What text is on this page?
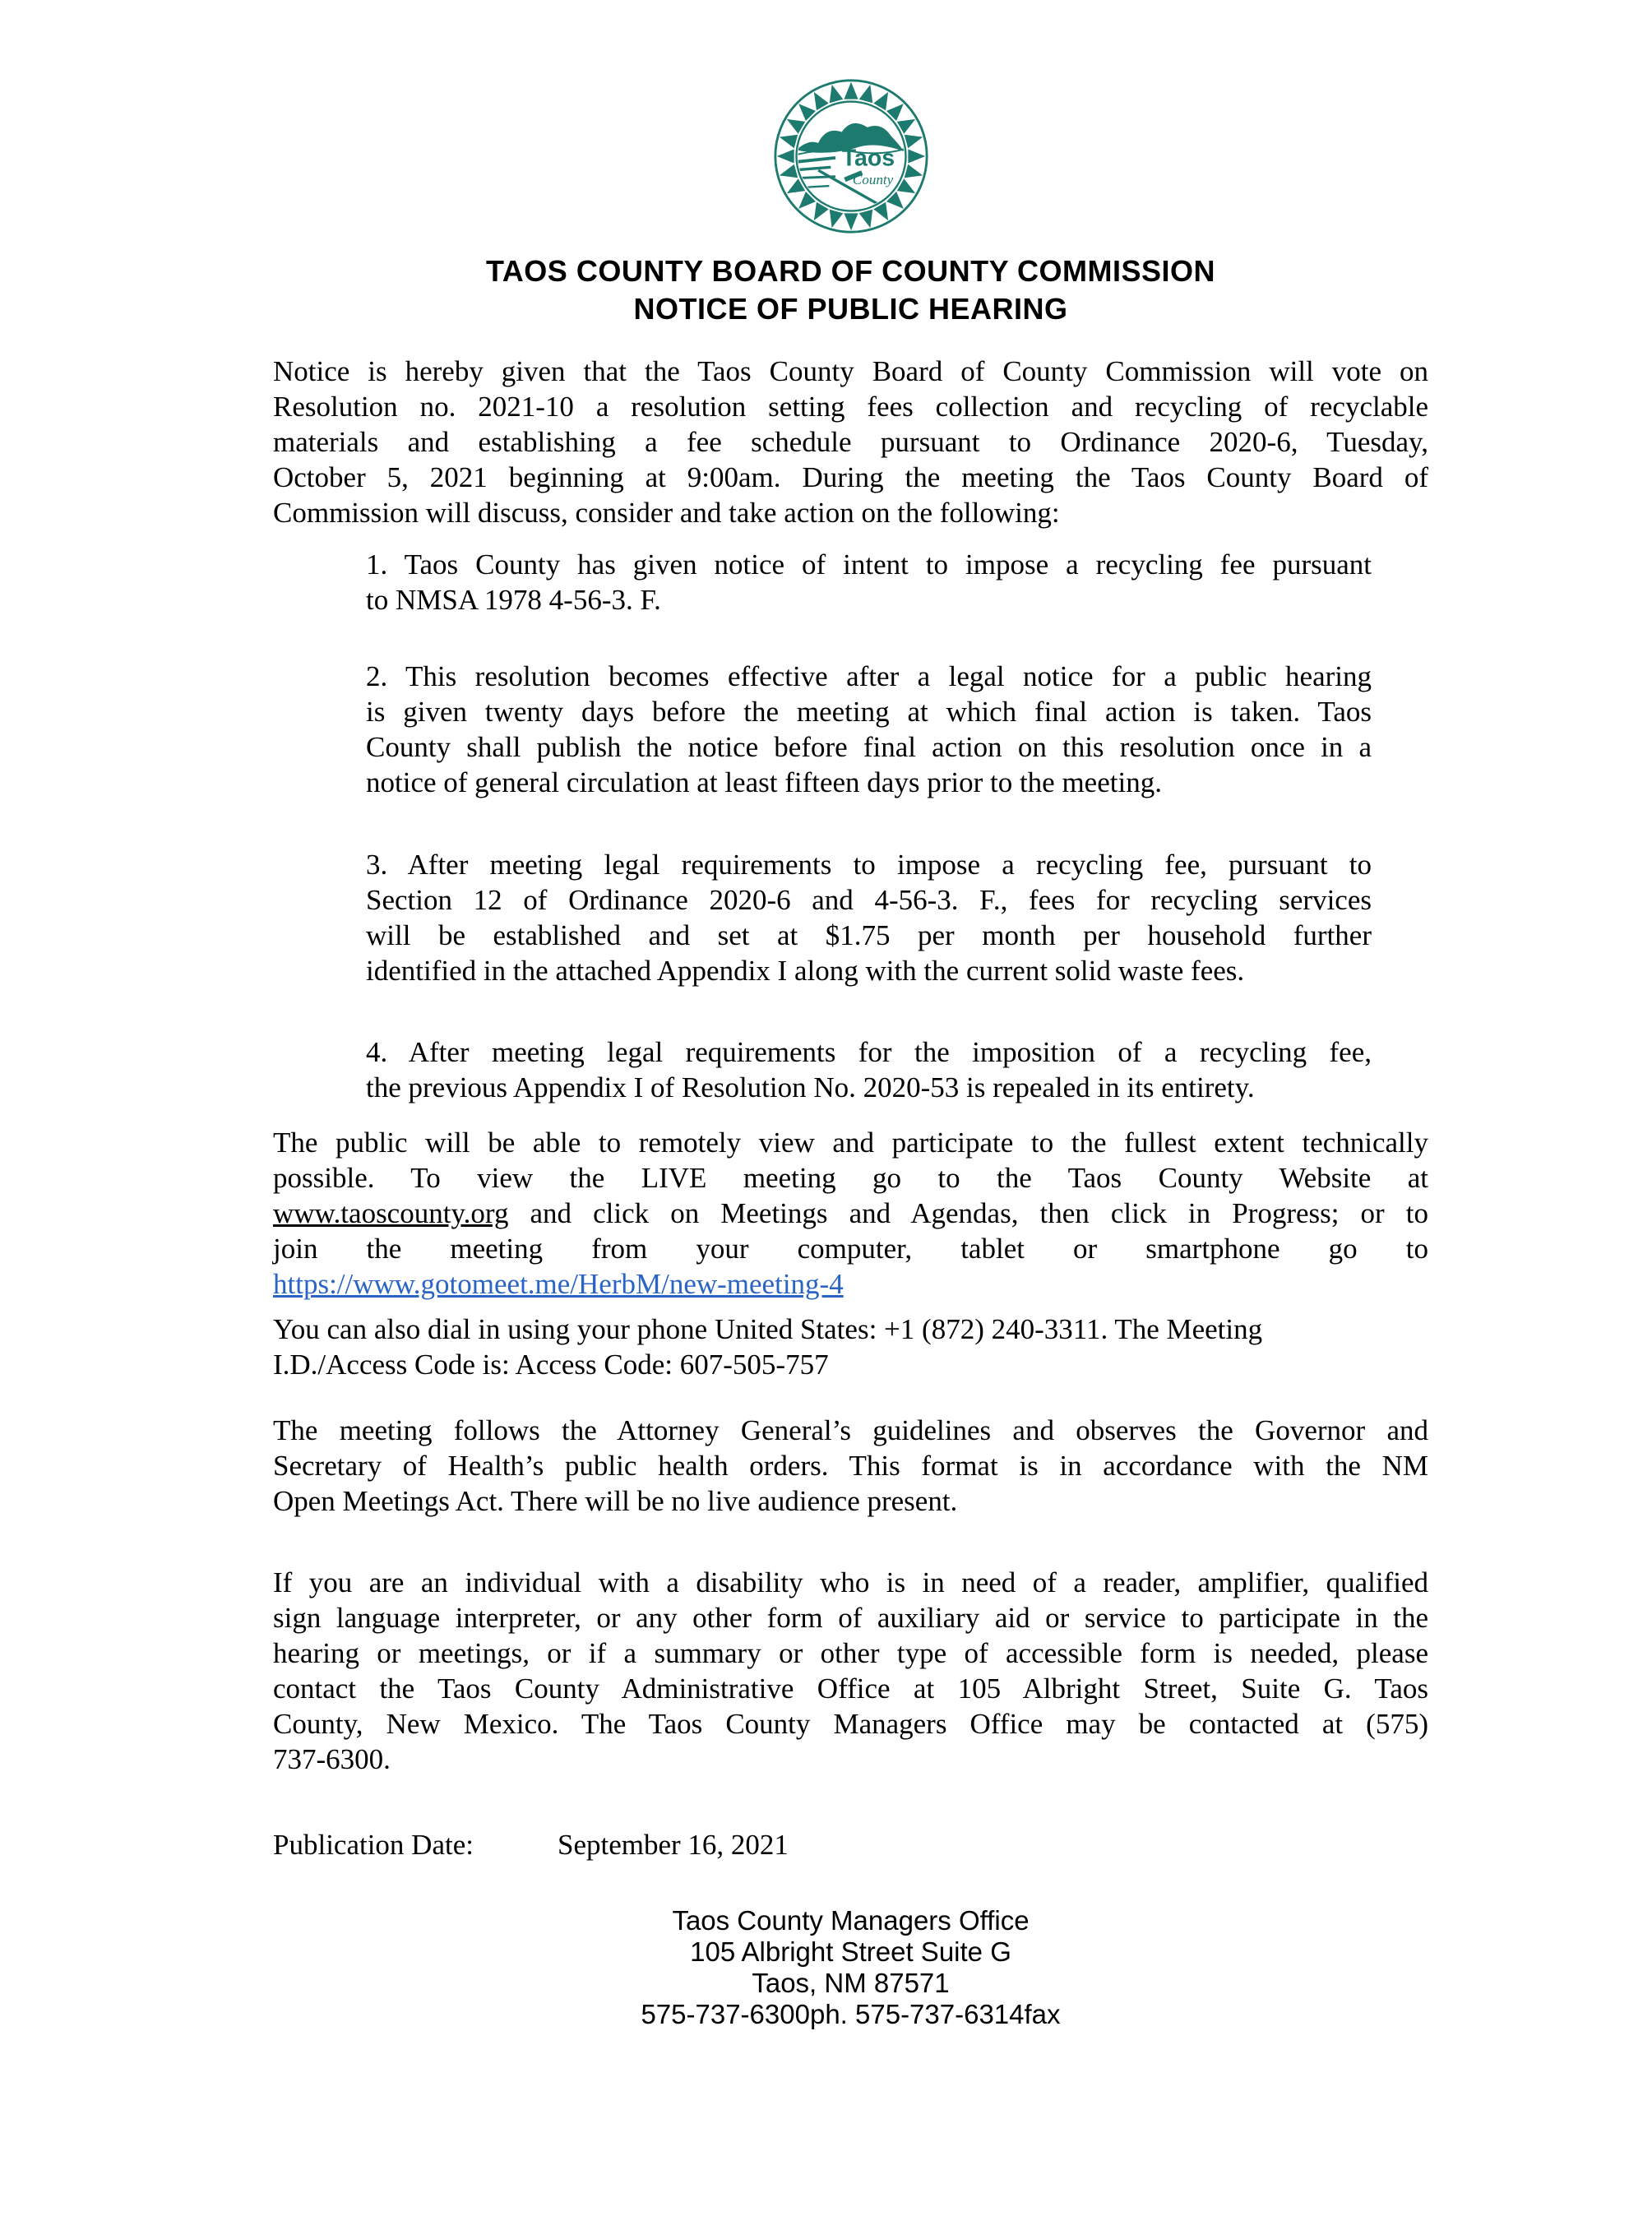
Taos
County
TAOS COUNTY BOARD OF COUNTY COMMISSION
NOTICE OF PUBLIC HEARING
Notice is hereby given that the Taos County Board of County Commission will vote on
Resolution no. 2021-10 a resolution setting fees collection and recycling of recyclable
materials and establishing a fee schedule pursuant to Ordinance 2020-6, Tuesday,
October 5, 2021 beginning at 9:00am. During the meeting the Taos County Board of
Commission will discuss, consider and take action on the following:
1. Taos County has given notice of intent to impose a recycling fee pursuant
to NMSA 1978 4-56-3. F.
2. This resolution becomes effective after a legal notice for a public hearing
is given twenty days before the meeting at which final action is taken. Taos
County shall publish the notice before final action on this resolution once in a
notice of general circulation at least fifteen days prior to the meeting.
3. After meeting legal requirements to impose a recycling fee, pursuant to
Section 12 of Ordinance 2020-6 and 4-56-3. F., fees for recycling services
will be established and set at $1.75 per month per household further
identified in the attached Appendix I along with the current solid waste fees.
4. After meeting legal requirements for the imposition of a recycling fee,
the previous Appendix I of Resolution No. 2020-53 is repealed in its entirety.
The public will be able to remotely view and participate to the fullest extent technically
possible. To view the LIVE meeting go to the Taos County Website at
www.taoscounty.org and click on Meetings and Agendas, then click in Progress; or to
join the meeting from your computer, tablet or smartphone go to
https://www.gotomeet.me/HerbM/new-meeting-4
You can also dial in using your phone United States: +1 (872) 240-3311. The Meeting
I.D./Access Code is: Access Code: 607-505-757
The meeting follows the Attorney General’s guidelines and observes the Governor and
Secretary of Health’s public health orders. This format is in accordance with the NM
Open Meetings Act. There will be no live audience present.
If you are an individual with a disability who is in need of a reader, amplifier, qualified
sign language interpreter, or any other form of auxiliary aid or service to participate in the
hearing or meetings, or if a summary or other type of accessible form is needed, please
contact the Taos County Administrative Office at 105 Albright Street, Suite G. Taos
County, New Mexico. The Taos County Managers Office may be contacted at (575)
737-6300.
Publication Date:	September 16, 2021
Taos County Managers Office
105 Albright Street Suite G
Taos, NM 87571
575-737-6300ph. 575-737-6314fax
